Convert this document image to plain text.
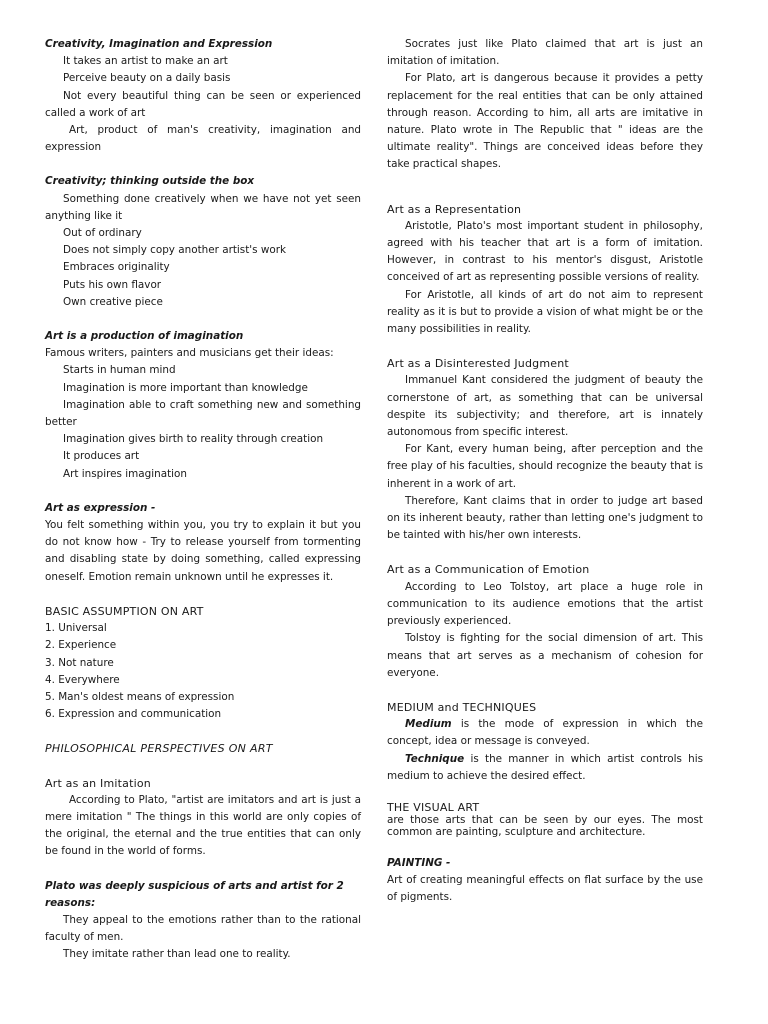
Creativity, Imagination and Expression

It takes an artist to make an art

Perceive beauty on a daily basis

Not every beautiful thing can be seen or experienced called a work of art

Art, product of man's creativity, imagination and expression

Creativity; thinking outside the box

Something done creatively when we have not yet seen anything like it

Out of ordinary

Does not simply copy another artist's work

Embraces originality

Puts his own flavor

Own creative piece

Art is a production of imagination

Famous writers, painters and musicians get their ideas:

Starts in human mind

Imagination is more important than knowledge

Imagination able to craft something new and something better

Imagination gives birth to reality through creation

It produces art

Art inspires imagination

Art as expression -

You felt something within you, you try to explain it but you do not know how - Try to release yourself from tormenting and disabling state by doing something, called expressing oneself. Emotion remain unknown until he expresses it.

BASIC ASSUMPTION ON ART

1. Universal

2. Experience

3. Not nature

4. Everywhere

5. Man's oldest means of expression

6. Expression and communication

PHILOSOPHICAL PERSPECTIVES ON ART

Art as an Imitation

According to Plato, "artist are imitators and art is just a mere imitation " The things in this world are only copies of the original, the eternal and the true entities that can only be found in the world of forms.

Plato was deeply suspicious of arts and artist for 2 reasons:

They appeal to the emotions rather than to the rational faculty of men.

They imitate rather than lead one to reality.

Socrates just like Plato claimed that art is just an imitation of imitation.

For Plato, art is dangerous because it provides a petty replacement for the real entities that can be only attained through reason. According to him, all arts are imitative in nature. Plato wrote in The Republic that " ideas are the ultimate reality". Things are conceived ideas before they take practical shapes.

Art as a Representation

Aristotle, Plato's most important student in philosophy, agreed with his teacher that art is a form of imitation. However, in contrast to his mentor's disgust, Aristotle conceived of art as representing possible versions of reality.

For Aristotle, all kinds of art do not aim to represent reality as it is but to provide a vision of what might be or the many possibilities in reality.

Art as a Disinterested Judgment

Immanuel Kant considered the judgment of beauty the cornerstone of art, as something that can be universal despite its subjectivity; and therefore, art is innately autonomous from specific interest.

For Kant, every human being, after perception and the free play of his faculties, should recognize the beauty that is inherent in a work of art.

Therefore, Kant claims that in order to judge art based on its inherent beauty, rather than letting one's judgment to be tainted with his/her own interests.

Art as a Communication of Emotion

According to Leo Tolstoy, art place a huge role in communication to its audience emotions that the artist previously experienced.

Tolstoy is fighting for the social dimension of art. This means that art serves as a mechanism of cohesion for everyone.

MEDIUM and TECHNIQUES

Medium is the mode of expression in which the concept, idea or message is conveyed.

Technique is the manner in which artist controls his medium to achieve the desired effect.

THE VISUAL ART

are those arts that can be seen by our eyes. The most common are painting, sculpture and architecture.

PAINTING -

Art of creating meaningful effects on flat surface by the use of pigments.
